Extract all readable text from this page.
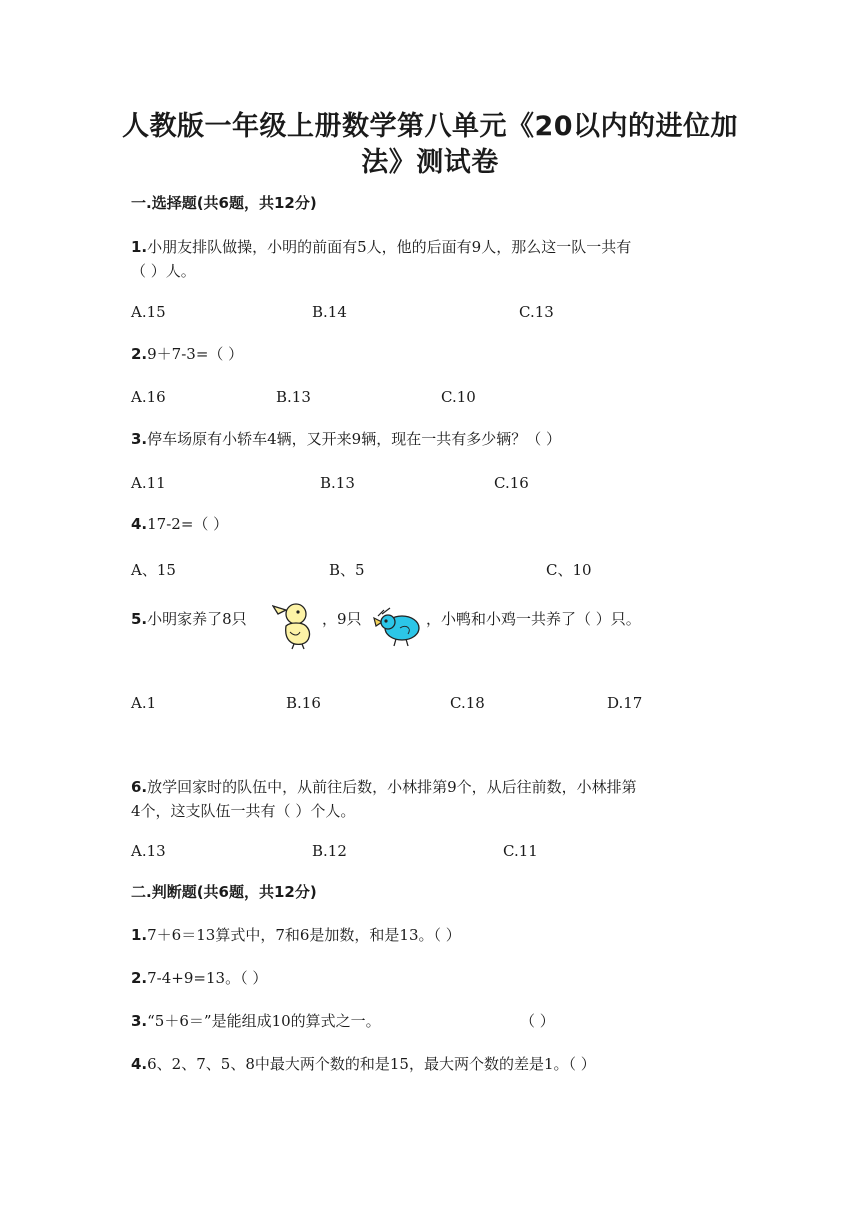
人教版一年级上册数学第八单元《20以内的进位加
法》测试卷
一.选择题(共6题，共12分)
1.小朋友排队做操，小明的前面有5人，他的后面有9人，那么这一队一共有
（ ）人。
A.15	B.14	C.13
2.9＋7-3=（ ）
A.16	B.13	C.10
3.停车场原有小轿车4辆，又开来9辆，现在一共有多少辆？（ ）
A.11	B.13	C.16
4.17-2=（ ）
A、15	B、5	C、10
5.小明家养了8只	，9只	，小鸭和小鸡一共养了（ ）只。
A.1	B.16	C.18	D.17
6.放学回家时的队伍中，从前往后数，小林排第9个，从后往前数，小林排第
4个，这支队伍一共有（ ）个人。
A.13	B.12	C.11
二.判断题(共6题，共12分)
1.7＋6＝13算式中，7和6是加数，和是13。（ ）
2.7-4+9=13。（ ）
3.“5＋6＝”是能组成10的算式之一。	（ ）
4.6、2、7、5、8中最大两个数的和是15，最大两个数的差是1。（ ）
